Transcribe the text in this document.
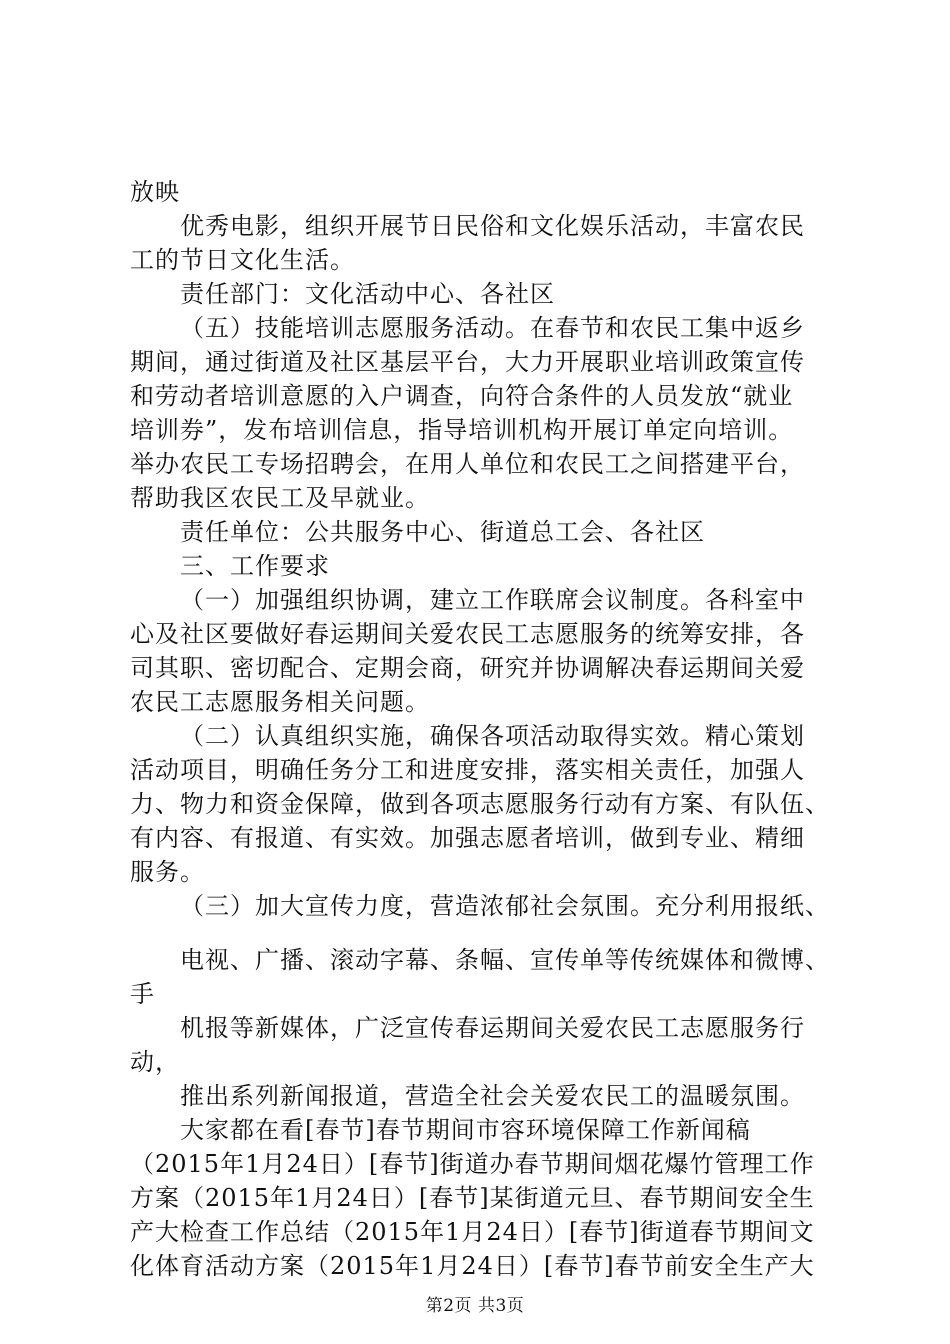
放映
优秀电影，组织开展节日民俗和文化娱乐活动，丰富农民
工的节日文化生活。
责任部门：文化活动中心、各社区
（五）技能培训志愿服务活动。在春节和农民工集中返乡
期间，通过街道及社区基层平台，大力开展职业培训政策宣传
和劳动者培训意愿的入户调查，向符合条件的人员发放“就业
培训券”，发布培训信息，指导培训机构开展订单定向培训。
举办农民工专场招聘会，在用人单位和农民工之间搭建平台，
帮助我区农民工及早就业。
责任单位：公共服务中心、街道总工会、各社区
三、工作要求
（一）加强组织协调，建立工作联席会议制度。各科室中
心及社区要做好春运期间关爱农民工志愿服务的统筹安排，各
司其职、密切配合、定期会商，研究并协调解决春运期间关爱
农民工志愿服务相关问题。
（二）认真组织实施，确保各项活动取得实效。精心策划
活动项目，明确任务分工和进度安排，落实相关责任，加强人
力、物力和资金保障，做到各项志愿服务行动有方案、有队伍、
有内容、有报道、有实效。加强志愿者培训，做到专业、精细
服务。
（三）加大宣传力度，营造浓郁社会氛围。充分利用报纸、
电视、广播、滚动字幕、条幅、宣传单等传统媒体和微博、
手
机报等新媒体，广泛宣传春运期间关爱农民工志愿服务行
动，
推出系列新闻报道，营造全社会关爱农民工的温暖氛围。
大家都在看[春节]春节期间市容环境保障工作新闻稿
（2015年1月24日）[春节]街道办春节期间烟花爆竹管理工作
方案（2015年1月24日）[春节]某街道元旦、春节期间安全生
产大检查工作总结（2015年1月24日）[春节]街道春节期间文
化体育活动方案（2015年1月24日）[春节]春节前安全生产大
第2页 共3页
